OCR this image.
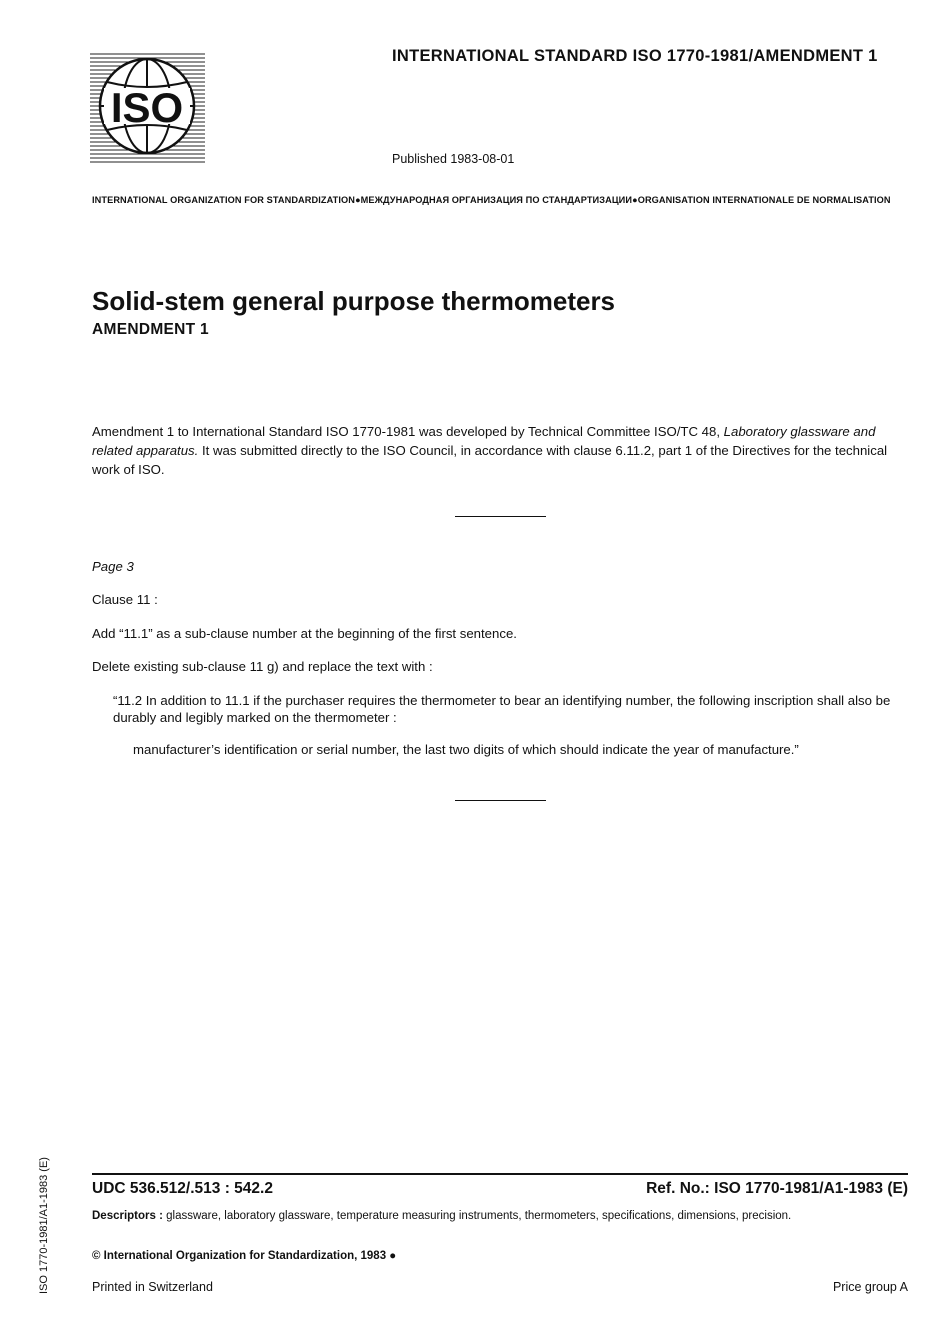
ISO
INTERNATIONAL STANDARD ISO 1770-1981/AMENDMENT 1
Published 1983-08-01
INTERNATIONAL ORGANIZATION FOR STANDARDIZATION●МЕЖДУНАРОДНАЯ ОРГАНИЗАЦИЯ ПО СТАНДАРТИЗАЦИИ●ORGANISATION INTERNATIONALE DE NORMALISATION
Solid-stem general purpose thermometers
AMENDMENT 1
Amendment 1 to International Standard ISO 1770-1981 was developed by Technical Committee ISO/TC 48, Laboratory glassware and related apparatus. It was submitted directly to the ISO Council, in accordance with clause 6.11.2, part 1 of the Directives for the technical work of ISO.
Page 3
Clause 11 :
Add “11.1” as a sub-clause number at the beginning of the first sentence.
Delete existing sub-clause 11 g) and replace the text with :
“11.2 In addition to 11.1 if the purchaser requires the thermometer to bear an identifying number, the following inscription shall also be durably and legibly marked on the thermometer :
manufacturer’s identification or serial number, the last two digits of which should indicate the year of manufacture.”
UDC 536.512/.513 : 542.2	Ref. No.: ISO 1770-1981/A1-1983 (E)
Descriptors : glassware, laboratory glassware, temperature measuring instruments, thermometers, specifications, dimensions, precision.
© International Organization for Standardization, 1983 ●
Printed in Switzerland	Price group A
ISO 1770-1981/A1-1983 (E)
